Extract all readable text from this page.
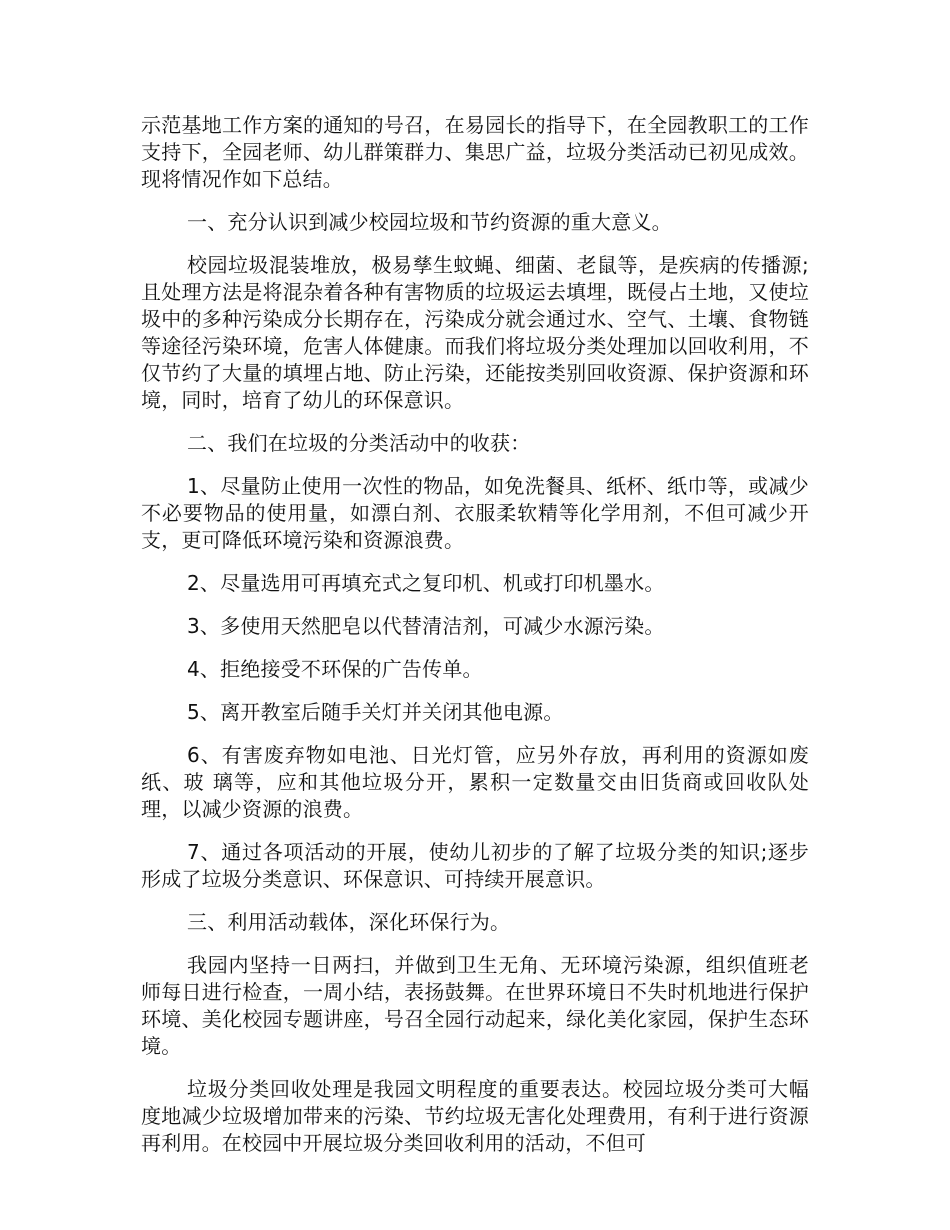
示范基地工作方案的通知的号召，在易园长的指导下，在全园教职工的工作支持下，全园老师、幼儿群策群力、集思广益，垃圾分类活动已初见成效。现将情况作如下总结。

一、充分认识到减少校园垃圾和节约资源的重大意义。

校园垃圾混装堆放，极易孳生蚊蝇、细菌、老鼠等，是疾病的传播源;且处理方法是将混杂着各种有害物质的垃圾运去填埋，既侵占土地，又使垃圾中的多种污染成分长期存在，污染成分就会通过水、空气、土壤、食物链等途径污染环境，危害人体健康。而我们将垃圾分类处理加以回收利用，不仅节约了大量的填埋占地、防止污染，还能按类别回收资源、保护资源和环境，同时，培育了幼儿的环保意识。

二、我们在垃圾的分类活动中的收获：

1、尽量防止使用一次性的物品，如免洗餐具、纸杯、纸巾等，或减少不必要物品的使用量，如漂白剂、衣服柔软精等化学用剂，不但可减少开支，更可降低环境污染和资源浪费。

2、尽量选用可再填充式之复印机、机或打印机墨水。

3、多使用天然肥皂以代替清洁剂，可减少水源污染。

4、拒绝接受不环保的广告传单。

5、离开教室后随手关灯并关闭其他电源。

6、有害废弃物如电池、日光灯管，应另外存放，再利用的资源如废纸、玻 璃等，应和其他垃圾分开，累积一定数量交由旧货商或回收队处理，以减少资源的浪费。

7、通过各项活动的开展，使幼儿初步的了解了垃圾分类的知识;逐步形成了垃圾分类意识、环保意识、可持续开展意识。

三、利用活动载体，深化环保行为。

我园内坚持一日两扫，并做到卫生无角、无环境污染源，组织值班老师每日进行检查，一周小结，表扬鼓舞。在世界环境日不失时机地进行保护环境、美化校园专题讲座，号召全园行动起来，绿化美化家园，保护生态环境。

垃圾分类回收处理是我园文明程度的重要表达。校园垃圾分类可大幅度地减少垃圾增加带来的污染、节约垃圾无害化处理费用，有利于进行资源再利用。在校园中开展垃圾分类回收利用的活动，不但可
